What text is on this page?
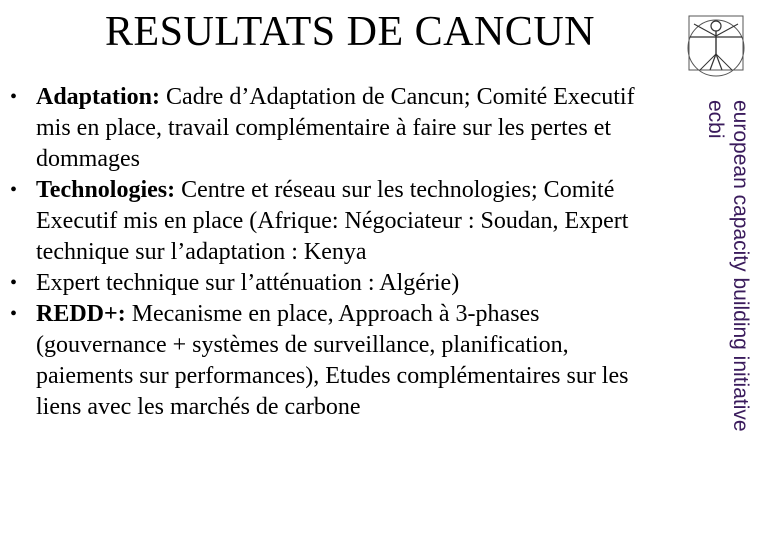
RESULTATS DE CANCUN
• Adaptation: Cadre d’Adaptation de Cancun; Comité Executif mis en place, travail complémentaire à faire sur les pertes et dommages
• Technologies: Centre et réseau sur les technologies; Comité Executif mis en place (Afrique: Négociateur : Soudan, Expert technique sur l’adaptation : Kenya
• Expert technique sur l’atténuation : Algérie)
• REDD+: Mecanisme en place, Approach à 3-phases (gouvernance + systèmes de surveillance, planification, paiements sur performances), Etudes complémentaires sur les liens avec les marchés de carbone	european capacity building initiative
ecbi
